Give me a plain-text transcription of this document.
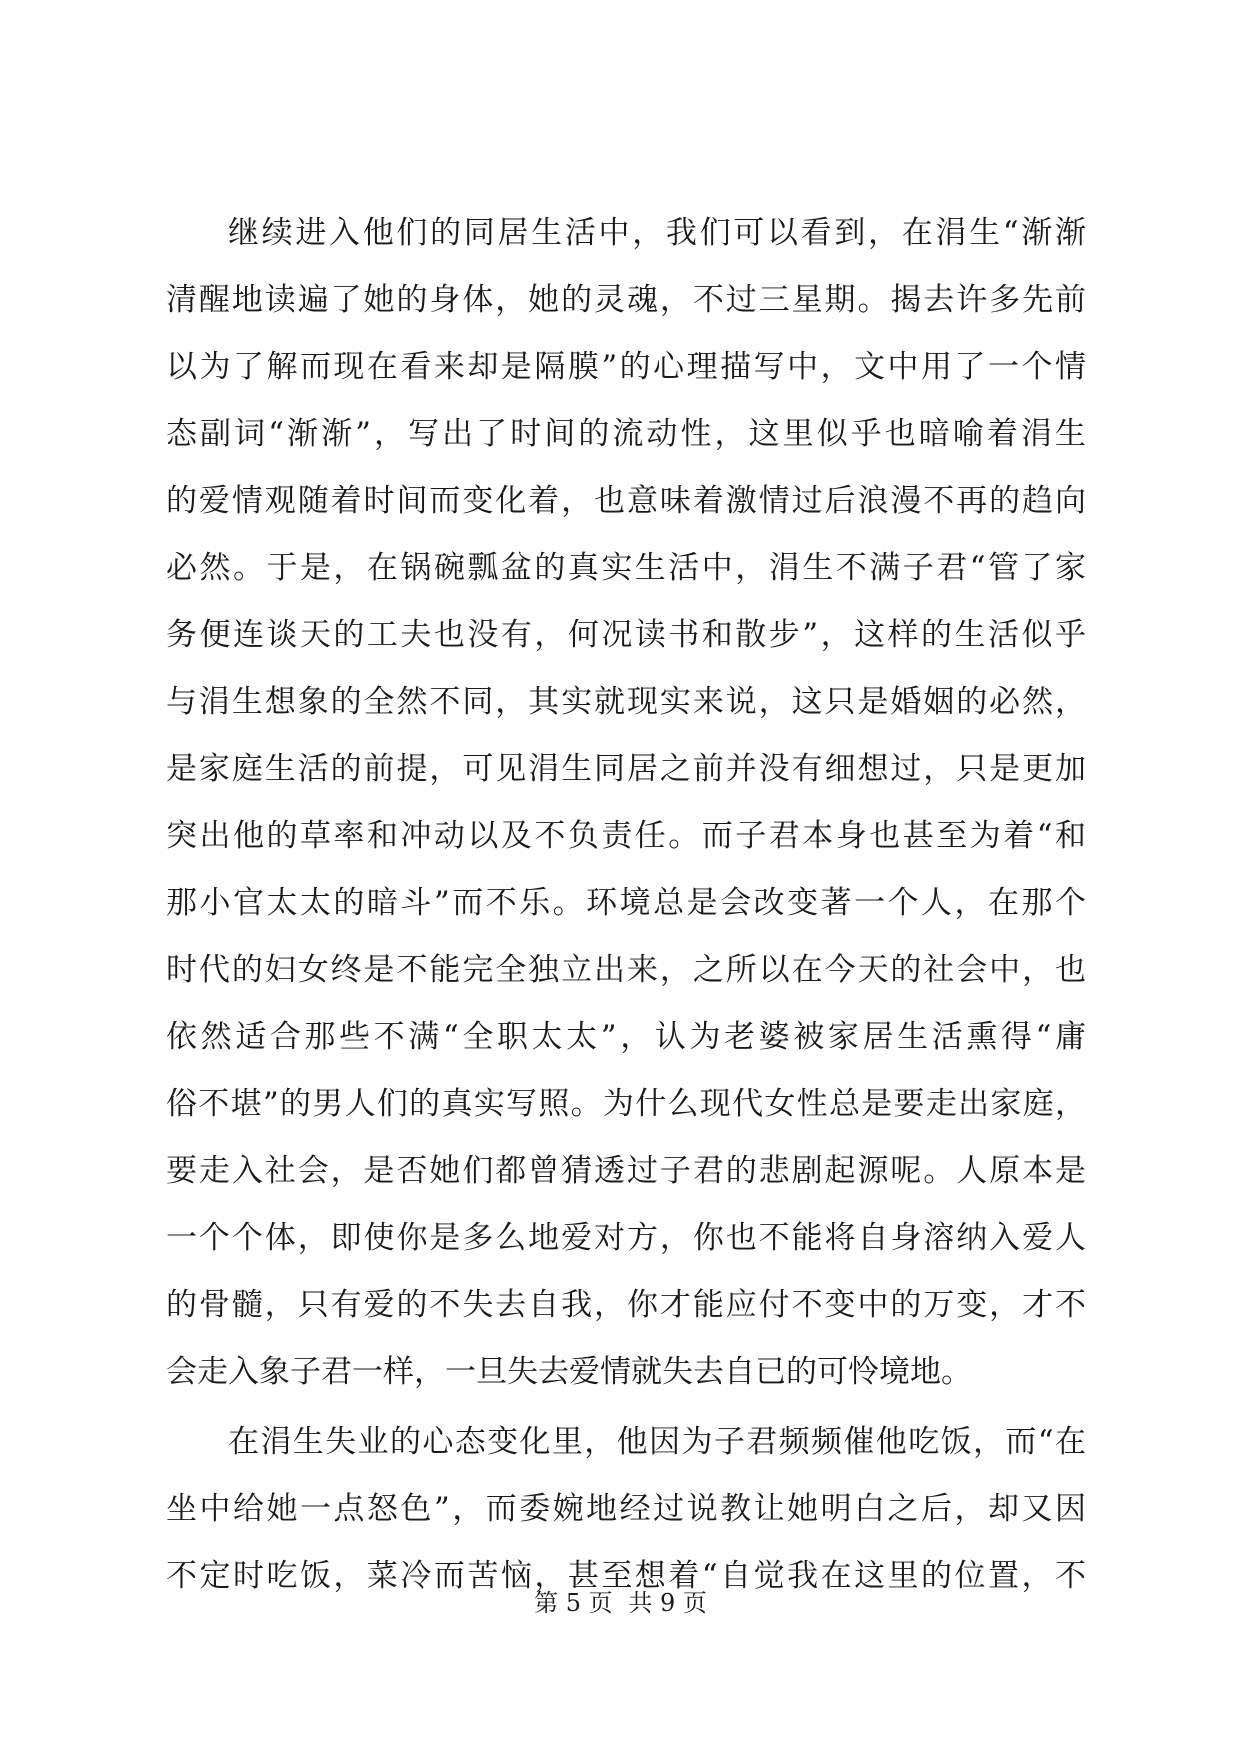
继续进入他们的同居生活中，我们可以看到，在涓生“渐渐
清醒地读遍了她的身体，她的灵魂，不过三星期。揭去许多先前
以为了解而现在看来却是隔膜”的心理描写中，文中用了一个情
态副词“渐渐”，写出了时间的流动性，这里似乎也暗喻着涓生
的爱情观随着时间而变化着，也意味着激情过后浪漫不再的趋向
必然。于是，在锅碗瓢盆的真实生活中，涓生不满子君“管了家
务便连谈天的工夫也没有，何况读书和散步”，这样的生活似乎
与涓生想象的全然不同，其实就现实来说，这只是婚姻的必然，
是家庭生活的前提，可见涓生同居之前并没有细想过，只是更加
突出他的草率和冲动以及不负责任。而子君本身也甚至为着“和
那小官太太的暗斗”而不乐。环境总是会改变著一个人，在那个
时代的妇女终是不能完全独立出来，之所以在今天的社会中，也
依然适合那些不满“全职太太”，认为老婆被家居生活熏得“庸
俗不堪”的男人们的真实写照。为什么现代女性总是要走出家庭，
要走入社会，是否她们都曾猜透过子君的悲剧起源呢。人原本是
一个个体，即使你是多么地爱对方，你也不能将自身溶纳入爱人
的骨髓，只有爱的不失去自我，你才能应付不变中的万变，才不
会走入象子君一样，一旦失去爱情就失去自已的可怜境地。
在涓生失业的心态变化里，他因为子君频频催他吃饭，而“在
坐中给她一点怒色”，而委婉地经过说教让她明白之后，却又因
不定时吃饭，菜冷而苦恼，甚至想着“自觉我在这里的位置，不
第 5 页 共 9 页
